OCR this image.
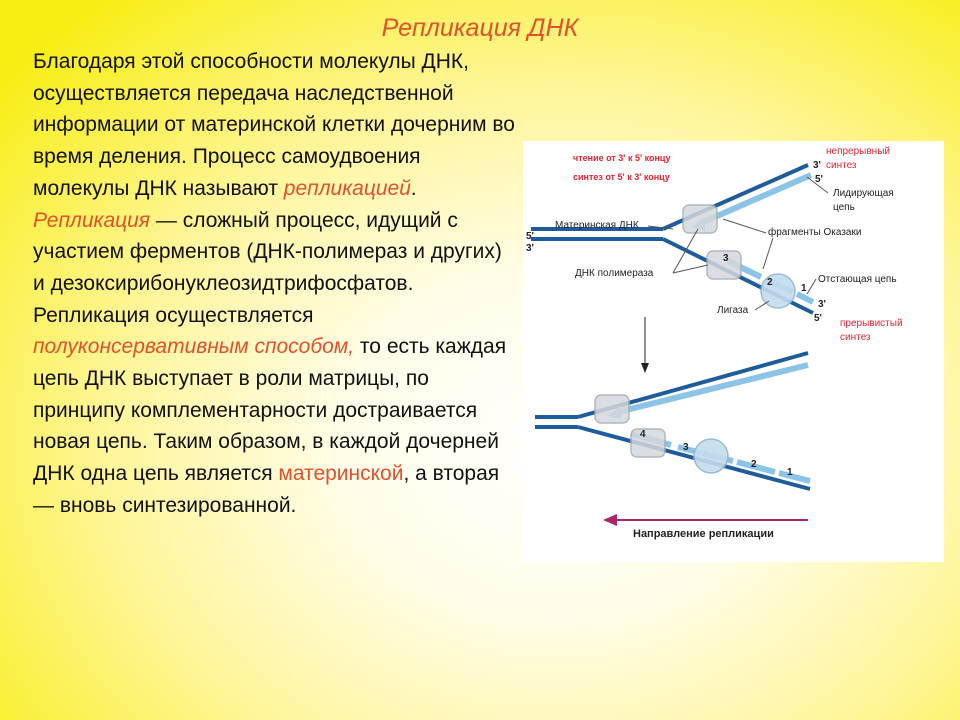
Репликация ДНК
Благодаря этой способности молекулы ДНК, осуществляется передача наследственной информации от материнской клетки дочерним во время деления. Процесс самоудвоения молекулы ДНК называют репликацией. Репликация — сложный процесс, идущий с участием ферментов (ДНК-полимераз и других) и дезоксирибонуклеозидтрифосфатов. Репликация осуществляется полуконсервативным способом, то есть каждая цепь ДНК выступает в роли матрицы, по принципу комплементарности достраивается новая цепь. Таким образом, в каждой дочерней ДНК одна цепь является материнской, а вторая — вновь синтезированной.
3
2
1
чтение от 3' к 5' концу
синтез от 5' к 3' концу
непрерывный
синтез
3'
5'
Лидирующая
цепь
Материнская ДНК
5'
3'
фрагменты Оказаки
ДНК полимераза
Отстающая цепь
Лигаза
3'
5' прерывистый
синтез
4
3
2
1
Направление репликации
